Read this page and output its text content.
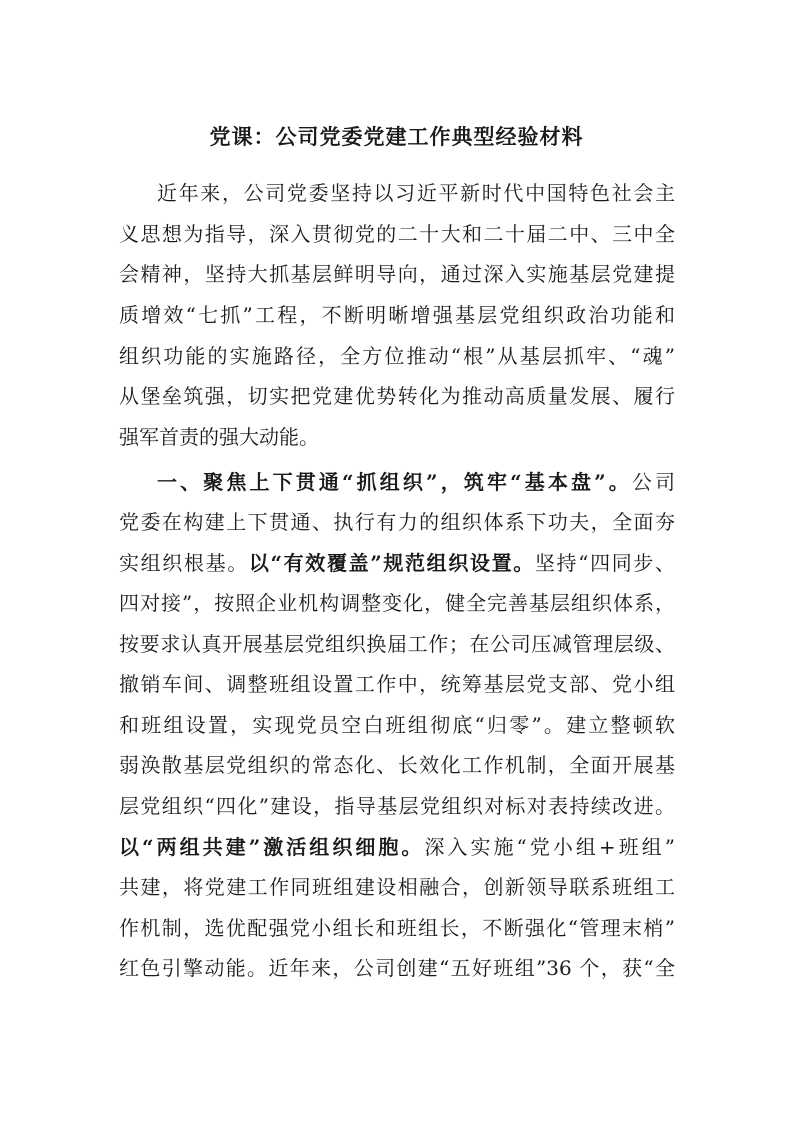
党课：公司党委党建工作典型经验材料

近年来，公司党委坚持以习近平新时代中国特色社会主

义思想为指导，深入贯彻党的二十大和二十届二中、三中全

会精神，坚持大抓基层鲜明导向，通过深入实施基层党建提

质增效“七抓”工程，不断明晰增强基层党组织政治功能和

组织功能的实施路径，全方位推动“根”从基层抓牢、“魂”

从堡垒筑强，切实把党建优势转化为推动高质量发展、履行

强军首责的强大动能。

一、聚焦上下贯通“抓组织”，筑牢“基本盘”。公司

党委在构建上下贯通、执行有力的组织体系下功夫，全面夯

实组织根基。以“有效覆盖”规范组织设置。坚持“四同步、

四对接”，按照企业机构调整变化，健全完善基层组织体系，

按要求认真开展基层党组织换届工作；在公司压减管理层级、

撤销车间、调整班组设置工作中，统筹基层党支部、党小组

和班组设置，实现党员空白班组彻底“归零”。建立整顿软

弱涣散基层党组织的常态化、长效化工作机制，全面开展基

层党组织“四化”建设，指导基层党组织对标对表持续改进。

以“两组共建”激活组织细胞。深入实施“党小组+班组”

共建，将党建工作同班组建设相融合，创新领导联系班组工

作机制，选优配强党小组长和班组长，不断强化“管理末梢”

红色引擎动能。近年来，公司创建“五好班组”36 个，获“全
